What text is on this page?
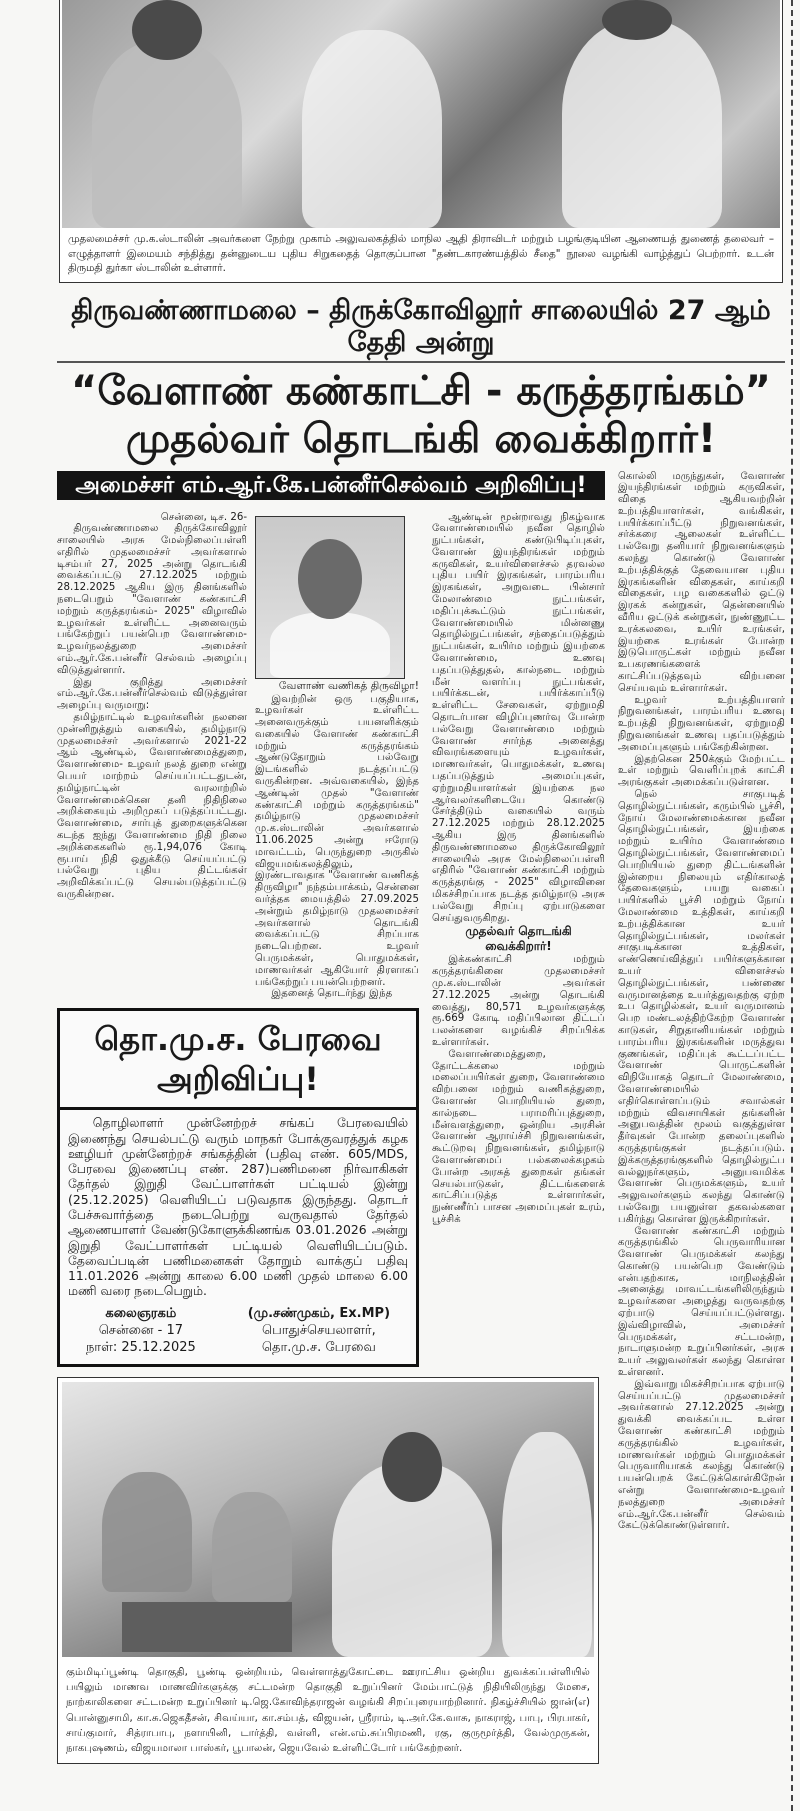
முதலமைச்சர் மு.க.ஸ்டாலின் அவர்களை நேற்று முகாம் அலுவலகத்தில் மாநில ஆதி திராவிடர் மற்றும் பழங்குடியின ஆணையத் துணைத் தலைவர் – எழுத்தாளர் இமையம் சந்தித்து தன்னுடைய புதிய சிறுகதைத் தொகுப்பான "தண்டகாரண்யத்தில் சீதை" நூலை வழங்கி வாழ்த்துப் பெற்றார். உடன் திருமதி துர்கா ஸ்டாலின் உள்ளார்.
திருவண்ணாமலை – திருக்கோவிலூர் சாலையில் 27 ஆம் தேதி அன்று
“வேளாண் கண்காட்சி - கருத்தரங்கம்” முதல்வர் தொடங்கி வைக்கிறார்!
அமைச்சர் எம்.ஆர்.கே.பன்னீர்செல்வம் அறிவிப்பு!

சென்னை, டிச. 26-

திருவண்ணாமலை திருக்கோவிலூர் சாலையில் அரசு மேல்நிலைப்பள்ளி எதிரில் முதலமைச்சர் அவர்களால் டிசம்பர் 27, 2025 அன்று தொடங்கி வைக்கப்பட்டு 27.12.2025 மற்றும் 28.12.2025 ஆகிய இரு தினங்களில் நடைபெறும் "வேளாண் கண்காட்சி மற்றும் கருத்தரங்கம்- 2025" விழாவில் உழவர்கள் உள்ளிட்ட அனைவரும் பங்கேற்றுப் பயன்பெற வேளாண்மை-உழவர்நலத்துறை அமைச்சர் எம்.ஆர்.கே.பன்னீர் செல்வம் அழைப்பு விடுத்துள்ளார்.

இது குறித்து அமைச்சர் எம்.ஆர்.கே.பன்னீர்செல்வம் விடுத்துள்ள அழைப்பு வருமாறு:

தமிழ்நாட்டில் உழவர்களின் நலனை முன்னிறுத்தும் வகையில், தமிழ்நாடு முதலமைச்சர் அவர்களால் 2021-22 ஆம் ஆண்டில், வேளாண்மைத்துறை, வேளாண்மை- உழவர் நலத் துறை என்று பெயர் மாற்றம் செய்யப்பட்டதுடன், தமிழ்நாட்டின் வரலாற்றில் வேளாண்மைக்கென தனி நிதிநிலை அறிக்கையும் அறிமுகப் படுத்தப்பட்டது. வேளாண்மை, சார்புத் துறைகளுக்கென கடந்த ஐந்து வேளாண்மை நிதி நிலை அறிக்கைகளில் ரூ.1,94,076 கோடி ரூபாய் நிதி ஒதுக்கீடு செய்யப்பட்டு பல்வேறு புதிய திட்டங்கள் அறிவிக்கப்பட்டு செயல்படுத்தப்பட்டு வருகின்றன.

வேளாண் வணிகத் திருவிழா!

இவற்றின் ஒரு பகுதியாக, உழவர்கள் உள்ளிட்ட அனைவருக்கும் பயனளிக்கும் வகையில் வேளாண் கண்காட்சி மற்றும் கருத்தரங்கம் ஆண்டுதோறும் பல்வேறு இடங்களில் நடத்தப்பட்டு வருகின்றன. அவ்வகையில், இந்த ஆண்டின் முதல் "வேளாண் கண்காட்சி மற்றும் கருத்தரங்கம்" தமிழ்நாடு முதலமைச்சர் மு.க.ஸ்டாலின் அவர்களால் 11.06.2025 அன்று ஈரோடு மாவட்டம், பெருந்துறை அருகில் விஜயமங்கலத்திலும், இரண்டாவதாக "வேளாண் வணிகத் திருவிழா" நந்தம்பாக்கம், சென்னை வர்த்தக மையத்தில் 27.09.2025 அன்றும் தமிழ்நாடு முதலமைச்சர் அவர்களால் தொடங்கி வைக்கப்பட்டு சிறப்பாக நடைபெற்றன. உழவர் பெருமக்கள், பொதுமக்கள், மாணவர்கள் ஆகியோர் திரளாகப் பங்கேற்றுப் பயன்பெற்றனர்.

இதனைத் தொடர்ந்து இந்த

தொ.மு.ச. பேரவை அறிவிப்பு!
தொழிலாளர் முன்னேற்றச் சங்கப் பேரவையில் இணைந்து செயல்பட்டு வரும் மாநகர் போக்குவரத்துக் கழக ஊழியர் முன்னேற்றச் சங்கத்தின் (பதிவு எண். 605/MDS, பேரவை இணைப்பு எண். 287)பணிமனை நிர்வாகிகள் தேர்தல் இறுதி வேட்பாளர்கள் பட்டியல் இன்று (25.12.2025) வெளியிடப் படுவதாக இருந்தது. தொடர் பேச்சுவார்த்தை நடைபெற்று வருவதால் தேர்தல் ஆணையாளர் வேண்டுகோளுக்கிணங்க 03.01.2026 அன்று இறுதி வேட்பாளர்கள் பட்டியல் வெளியிடப்படும். தேவைப்படின் பணிமனைகள் தோறும் வாக்குப் பதிவு 11.01.2026 அன்று காலை 6.00 மணி முதல் மாலை 6.00 மணி வரை நடைபெறும்.
கலைஞரகம்
சென்னை - 17
நாள்: 25.12.2025
(மு.சண்முகம், Ex.MP)
பொதுச்செயலாளர்,
தொ.மு.ச. பேரவை

ஆண்டின் மூன்றாவது நிகழ்வாக வேளாண்மையில் நவீன தொழில் நுட்பங்கள், கண்டுபிடிப்புகள், வேளாண் இயந்திரங்கள் மற்றும் கருவிகள், உயர்விளைச்சல் தரவல்ல புதிய பயிர் இரகங்கள், பாரம்பரிய இரகங்கள், அறுவடை பின்சார் மேலாண்மை நுட்பங்கள், மதிப்புக்கூட்டும் நுட்பங்கள், வேளாண்மையில் மின்னணு தொழில்நுட்பங்கள், சந்தைப்படுத்தும் நுட்பங்கள், உயிர்ம மற்றும் இயற்கை வேளாண்மை, உணவு பதப்படுத்துதல், கால்நடை மற்றும் மீன் வளர்ப்பு நுட்பங்கள், பயிர்க்கடன், பயிர்க்காப்பீடு உள்ளிட்ட சேவைகள், ஏற்றுமதி தொடர்பான விழிப்புணர்வு போன்ற பல்வேறு வேளாண்மை மற்றும் வேளாண் சார்ந்த அனைத்து விவரங்களையும் உழவர்கள், மாணவர்கள், பொதுமக்கள், உணவு பதப்படுத்தும் அமைப்புகள், ஏற்றுமதியாளர்கள் இயற்கை நல ஆர்வலர்களிடையே கொண்டு சேர்த்திடும் வகையில் வரும் 27.12.2025 மற்றும் 28.12.2025 ஆகிய இரு தினங்களில் திருவண்ணாமலை திருக்கோவிலூர் சாலையில் அரசு மேல்நிலைப்பள்ளி எதிரில் "வேளாண் கண்காட்சி மற்றும் கருத்தரங்கு - 2025" விழாவினை மிகச்சிறப்பாக நடத்த தமிழ்நாடு அரசு பல்வேறு சிறப்பு ஏற்பாடுகளை செய்துவருகிறது.

முதல்வர் தொடங்கி வைக்கிறார்!

இக்கண்காட்சி மற்றும் கருத்தரங்கினை முதலமைச்சர் மு.க.ஸ்டாலின் அவர்கள் 27.12.2025 அன்று தொடங்கி வைத்து, 80,571 உழவர்களுக்கு ரூ.669 கோடி மதிப்பிலான திட்டப் பலன்களை வழங்கிச் சிறப்பிக்க உள்ளார்கள்.

வேளாண்மைத்துறை, தோட்டக்கலை மற்றும் மலைப்பயிர்கள் துறை, வேளாண்மை விற்பனை மற்றும் வணிகத்துறை, வேளாண் பொறியியல் துறை, கால்நடை பராமரிப்புத்துறை, மீன்வளத்துறை, ஒன்றிய அரசின் வேளாண் ஆராய்ச்சி நிறுவனங்கள், கூட்டுறவு நிறுவனங்கள், தமிழ்நாடு வேளாண்மைப் பல்கலைக்கழகம் போன்ற அரசுத் துறைகள் தங்கள் செயல்பாடுகள், திட்டங்களைக் காட்சிப்படுத்த உள்ளார்கள், நுண்ணீர்ப் பாசன அமைப்புகள் உரம், பூச்சிக்

கும்மிடிப்பூண்டி தொகுதி, பூண்டி ஒன்றியம், வெள்ளாத்துகோட்டை ஊராட்சிய ஒன்றிய துவக்கப்பள்ளியில் பயிலும் மாணவ மாணவிர்களுக்கு சட்டமன்ற தொகுதி உறுப்பினர் மேம்பாட்டுத் நிதியிலிருந்து மேசை, நாற்காலிகளை சட்டமன்ற உறுப்பினர் டி.ஜெ.கோவிந்தராஜன் வழங்கி சிறப்புரையாற்றினார். நிகழ்ச்சியில் ஜான்(எ) பொன்னுசாமி, கா.சு.ஜெகதீசன், சிவய்யா, கா.சம்பத், விஜயன், ஸ்ரீராம், டி.அர்.கே.வாசு, நாகராஜ், பாபு, பிரபாகர், சாய்குமார், சித்ராபாபு, நளாயினி, டார்த்தி, வள்ளி, என்.எம்.சுப்பிரமணி, ரகு, குருமூர்த்தி, வேல்முருகன், நாகபுஷணம், விஜயமாலா பாஸ்கர், பூபாலன், ஜெயவேல் உள்ளிட்டோர் பங்கேற்றனர்.

கொல்லி மருந்துகள், வேளாண் இயந்திரங்கள் மற்றும் கருவிகள், விதை ஆகியவற்றின் உற்பத்தியாளர்கள், வங்கிகள், பயிர்க்காப்பீட்டு நிறுவனங்கள், சர்க்கரை ஆலைகள் உள்ளிட்ட பல்வேறு தனியார் நிறுவனங்களும் கலந்து கொண்டு வேளாண் உற்பத்திக்குத் தேவையான புதிய இரகங்களின் விதைகள், காய்கறி விதைகள், பழ வகைகளில் ஒட்டு இரகக் கன்றுகள், தென்னையில் வீரிய ஒட்டுக் கன்றுகள், நுண்ணூட்ட உரக்கலவை, உயிர் உரங்கள், இயற்கை உரங்கள் போன்ற இடுபொருட்கள் மற்றும் நவீன உபகரணங்களைக் காட்சிப்படுத்தவும் விற்பனை செய்யவும் உள்ளார்கள்.

உழவர் உற்பத்தியாளர் நிறுவனங்கள், பாரம்பரிய உணவு உற்பத்தி நிறுவனங்கள், ஏற்றுமதி நிறுவனங்கள் உணவு பதப்படுத்தும் அமைப்புகளும் பங்கேற்கின்றன.

இதற்கென 250க்கும் மேற்பட்ட உள் மற்றும் வெளிப்புறக் காட்சி அரங்குகள் அமைக்கப்படுள்ளன.

நெல் சாகுபடித் தொழில்நுட்பங்கள், கரும்பில் பூச்சி, நோய் மேலாண்மைக்கான நவீன தொழில்நுட்பங்கள், இயற்கை மற்றும் உயிர்ம வேளாண்மை தொழில்நுட்பங்கள், வேளாண்மைப் பொறியியல் துறை திட்டங்களின் இன்றைய நிலையும் எதிர்காலத் தேவைகளும், பயறு வகைப் பயிர்களில் பூச்சி மற்றும் நோய் மேலாண்மை உத்திகள், காய்கறி உற்பத்திக்கான உயர் தொழில்நுட்பங்கள், மலர்கள் சாகுபடிக்கான உத்திகள், எண்ணெய்வித்துப் பயிர்களுக்கான உயர் விளைச்சல் தொழில்நுட்பங்கள், பண்ணை வருமானத்தை உயர்த்துவதற்கு ஏற்ற உப தொழில்கள், உயர் வருமானம் பெற மண்டலத்திற்கேற்ற வேளாண் காடுகள், சிறுதானியங்கள் மற்றும் பாரம்பரிய இரகங்களின் மருத்துவ குணங்கள், மதிப்புக் கூட்டப்பட்ட வேளாண் பொருட்களின் விநியோகத் தொடர் மேலாண்மை, வேளாண்மையில் எதிர்கொள்ளப்படும் சவால்கள் மற்றும் விவசாயிகள் தங்களின் அனுபவத்தின் மூலம் வகுத்துள்ள தீர்வுகள் போன்ற தலைப்புகளில் கருத்தரங்குகள் நடத்தப்படும். இக்கருத்தரங்குகளில் தொழில்நுட்ப வல்லுநர்களும், அனுபவமிக்க வேளாண் பெருமக்களும், உயர் அலுவலர்களும் கலந்து கொண்டு பல்வேறு பயனுள்ள தகவல்களை பகிர்ந்து கொள்ள இருக்கிறார்கள்.

வேளாண் கண்காட்சி மற்றும் கருத்தரங்கில் பெருவாரியான வேளாண் பெருமக்கள் கலந்து கொண்டு பயன்பெற வேண்டும் என்பதற்காக, மாநிலத்தின் அனைத்து மாவட்டங்களிலிருந்தும் உழவர்களை அழைத்து வருவதற்கு ஏற்பாடு செய்யப்பட்டுள்ளது. இவ்விழாவில், அமைச்சர் பெருமக்கள், சட்டமன்ற, நாடாளுமன்ற உறுப்பினர்கள், அரசு உயர் அலுவலர்கள் கலந்து கொள்ள உள்ளனர்.

இவ்வாறு மிகச்சிறப்பாக ஏற்பாடு செய்யப்பட்டு முதலமைச்சர் அவர்களால் 27.12.2025 அன்று துவக்கி வைக்கப்பட உள்ள வேளாண் கண்காட்சி மற்றும் கருத்தரங்கில் உழவர்கள், மாணவர்கள் மற்றும் பொதுமக்கள் பெருவாரியாகக் கலந்து கொண்டு பயன்பெறக் கேட்டுக்கொள்கிறேன் என்று வேளாண்மை-உழவர் நலத்துறை அமைச்சர் எம்.ஆர்.கே.பன்னீர் செல்வம் கேட்டுக்கொண்டுள்ளார்.
